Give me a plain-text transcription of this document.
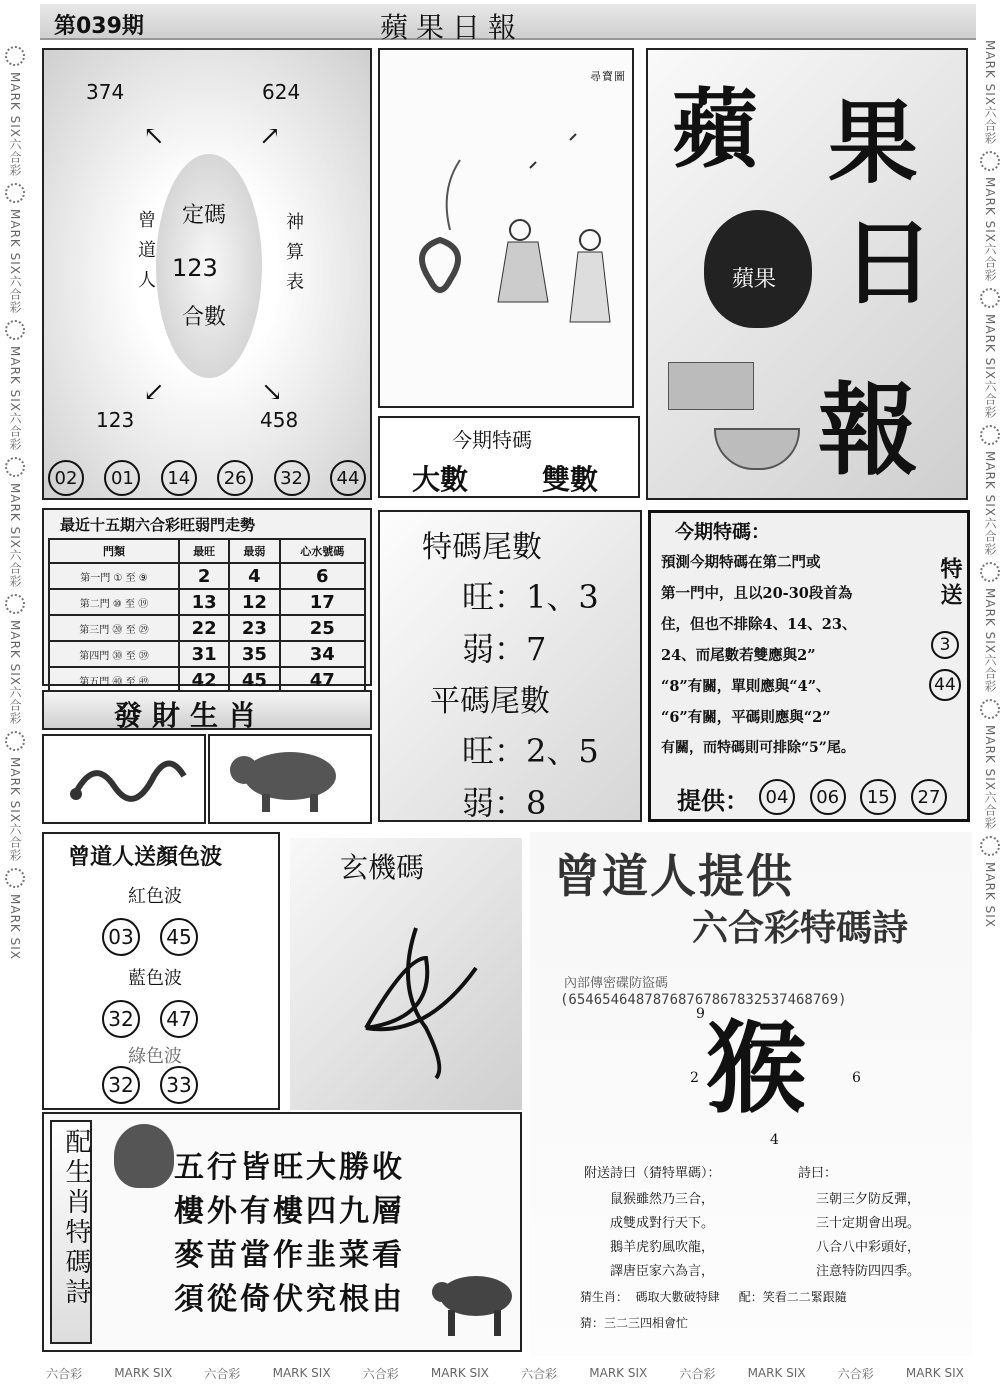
MARK SIX
六合彩
MARK SIX
六合彩
MARK SIX
六合彩
MARK SIX
六合彩
MARK SIX
六合彩
MARK SIX
六合彩
MARK SIX
MARK SIX
六合彩
MARK SIX
六合彩
MARK SIX
六合彩
MARK SIX
六合彩
MARK SIX
六合彩
MARK SIX
六合彩
MARK SIX
六合彩	MARK SIX	六合彩	MARK SIX	六合彩	MARK SIX	六合彩	MARK SIX	六合彩	MARK SIX	六合彩	MARK SIX
第039期	蘋果日報
374	624
123	458
↑	↑
↑	↑
定碼
123
合數
曾道人	神算表
02	01	14	26	32	44
尋寶圖
今期特碼
大數	雙數
蘋 果
日
報
蘋果
最近十五期六合彩旺弱門走勢
門類	最旺	最弱	心水號碼
第一門 ① 至 ⑨	2	4	6
第二門 ⑩ 至 ⑲	13	12	17
第三門 ⑳ 至 ㉙	22	23	25
第四門 ㉚ 至 ㊴	31	35	34
第五門 ㊵ 至 ㊾	42	45	47
發財生肖
特碼尾數
旺：1、3
弱：7
平碼尾數
旺：2、5
弱：8
今期特碼：
預測今期特碼在第二門或
第一門中，且以20-30段首為
住，但也不排除4、14、23、
24、而尾數若雙應與2”
“8”有關，單則應與“4”、
“6”有關，平碼則應與“2”
有關，而特碼則可排除“5”尾。
特送
3
44
提供： 04	06	15	27
曾道人送顏色波
紅色波
03	45
藍色波
32	47
綠色波
32	33
玄機碼
配生肖特碼詩	五行皆旺大勝收
樓外有樓四九層
麥苗當作韭菜看
須從倚伏究根由
曾道人提供
六合彩特碼詩
內部傳密碟防盜碼
(6546546487876876786783253746876​9)
9
2	6
4
猴
附送詩曰（猜特單碼）：
鼠猴雖然乃三合，
成雙成對行天下。
鵝羊虎豹風吹龍，
譯唐臣家六為言，
詩曰：
三朝三夕防反彈，
三十定期會出現。
八合八中彩頭好，
注意特防四四季。
猜生肖：  碼取大數破特肆     配：笑看二二緊跟隨
猜：三二三四相會忙
